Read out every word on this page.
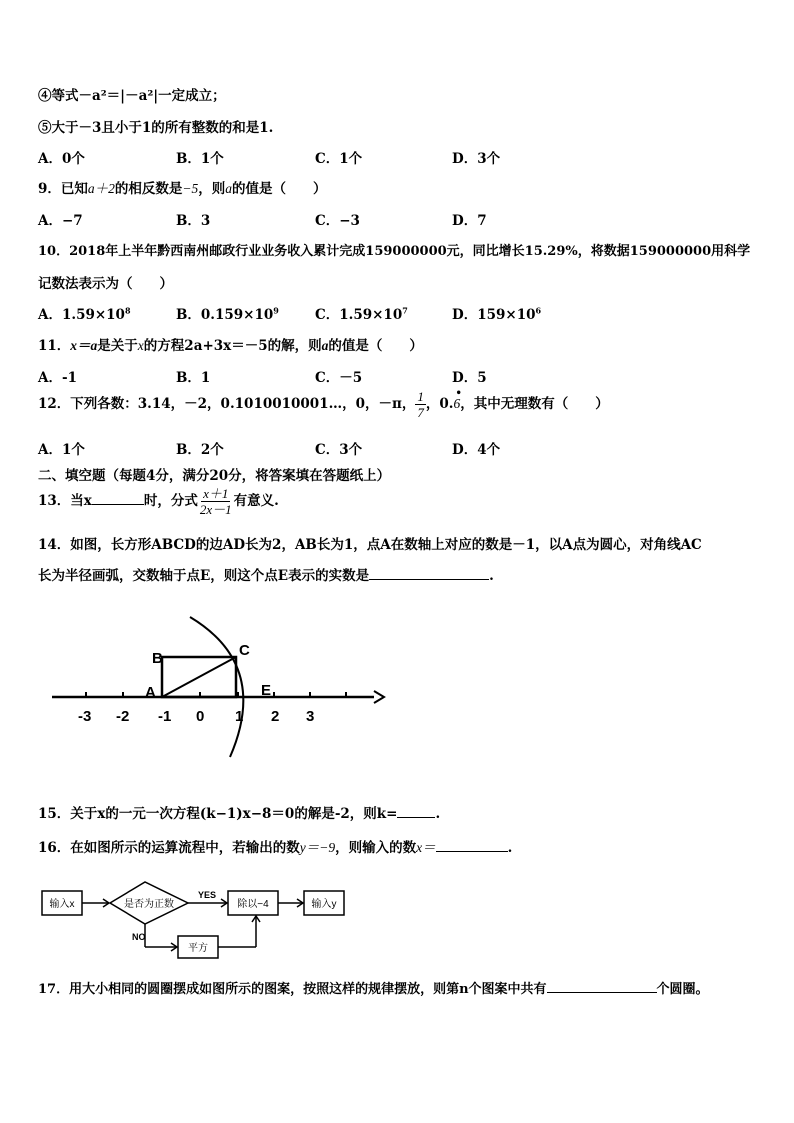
④等式－a²＝|－a²|一定成立；
⑤大于－3且小于1的所有整数的和是1.
A．0个	B．1个	C．1个	D．3个
9．已知a＋2的相反数是−5，则a的值是（　　）
A．−7	B．3	C．−3	D．7
10．2018年上半年黔西南州邮政行业业务收入累计完成159000000元，同比增长15.29%，将数据159000000用科学
记数法表示为（　　）
A．$1.59\times 10^8$	B．$0.159\times 10^9$	C．$1.59\times 10^7$	D．$159\times 10^6$
11．x＝a是关于x的方程2a+3x＝－5的解，则a的值是（　　）
A．-1	B．1	C．－5	D．5
12．下列各数：3.14，－2，0.1010010001…，0，－π， $\frac{1}{7}$ ，0.
•
6，其中无理数有（　　）
A．1个	B．2个	C．3个	D．4个
二、填空题（每题4分，满分20分，将答案填在答题纸上）
13．当x	时，分式 $\frac{x+1}{2x-1}$ 有意义.
14．如图，长方形ABCD的边AD长为2，AB长为1，点A在数轴上对应的数是－1，以A点为圆心，对角线AC
长为半径画弧，交数轴于点E，则这个点E表示的实数是	.
A
B	C
E
-3 -2 -1 0 1 2 3
15．关于x的一元一次方程(k−1)x−8＝0的解是-2，则k=	.
16．在如图所示的运算流程中，若输出的数y＝−9，则输入的数x＝	.
输入x	是否为正数
YES
除以−4	输入y
NO
平方
17．用大小相同的圆圈摆成如图所示的图案，按照这样的规律摆放，则第n个图案中共有	个圆圈。
